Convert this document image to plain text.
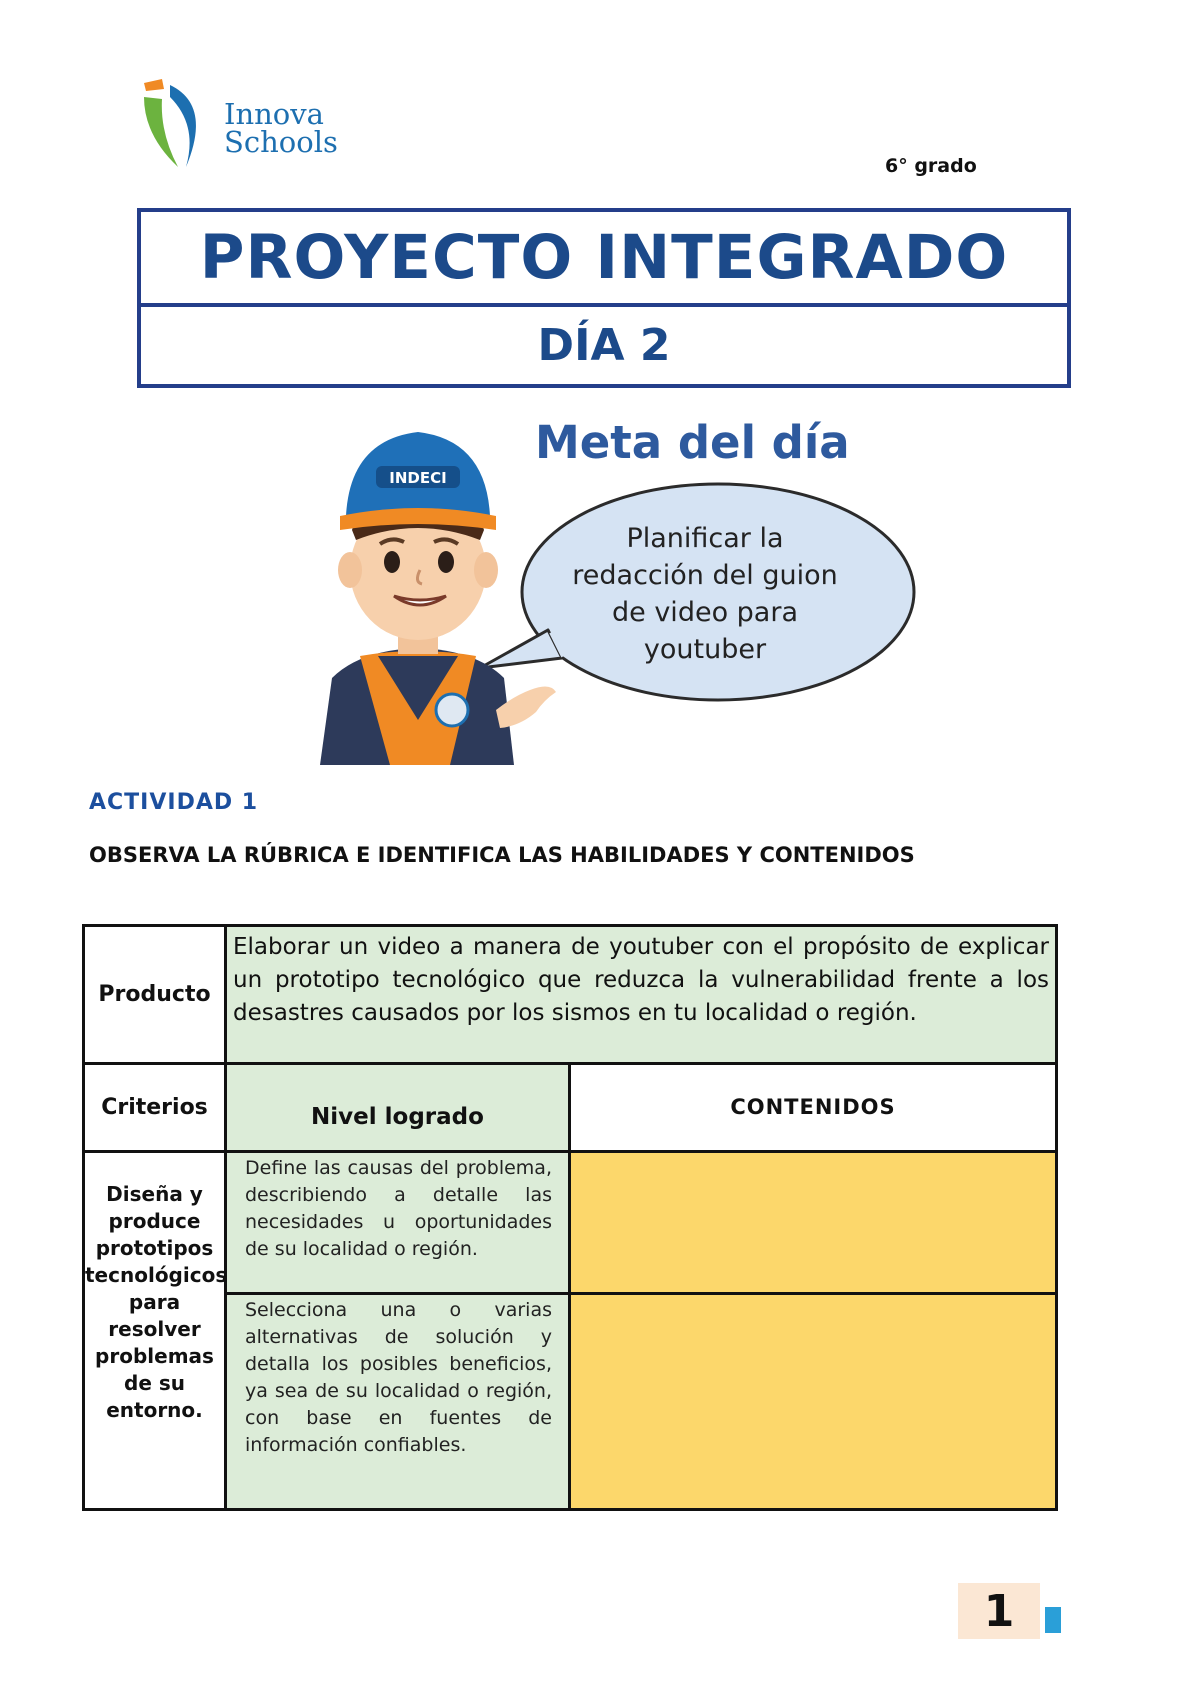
Innova
Schools
6° grado
PROYECTO INTEGRADO
DÍA 2
Meta del día
Planificar la
redacción del guion
de video para
youtuber
INDECI
ACTIVIDAD 1
OBSERVA LA RÚBRICA E IDENTIFICA LAS HABILIDADES Y CONTENIDOS
Producto	Elaborar un video a manera de youtuber con el propósito de explicar un prototipo tecnológico que reduzca la vulnerabilidad frente a los desastres causados por los sismos en tu localidad o región.	
Criterios	Nivel logrado	CONTENIDOS
Diseña y produce prototipos tecnológicos para resolver problemas de su entorno.	Define las causas del problema, describiendo a detalle las necesidades u oportunidades de su localidad o región.	
	Selecciona una o varias alternativas de solución y detalla los posibles beneficios, ya sea de su localidad o región, con base en fuentes de información confiables.	
1
